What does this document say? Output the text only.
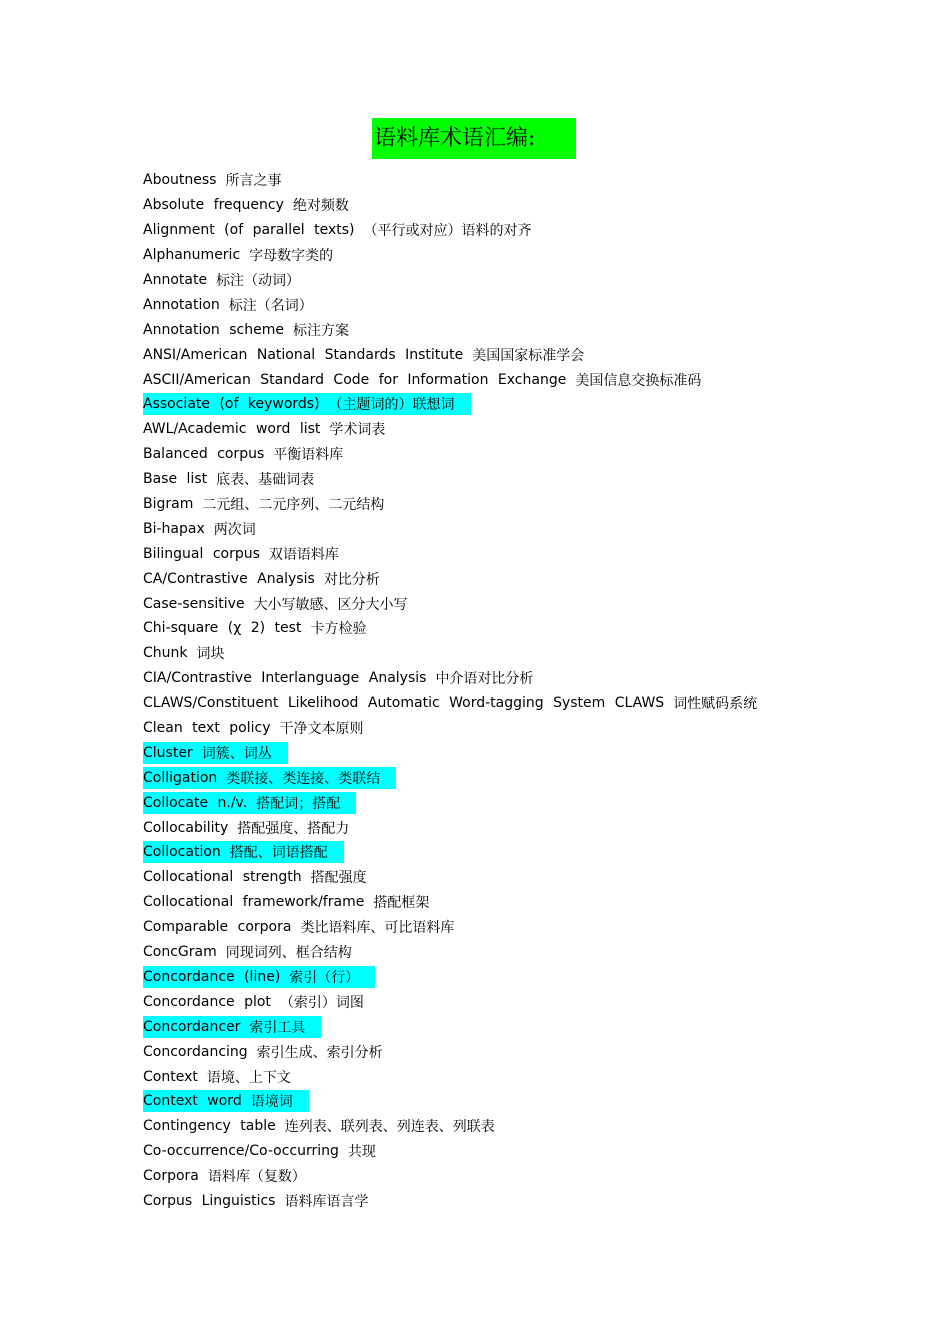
语料库术语汇编:
Aboutness 所言之事
Absolute frequency 绝对频数
Alignment (of parallel texts) （平行或对应）语料的对齐
Alphanumeric 字母数字类的
Annotate 标注（动词）
Annotation 标注（名词）
Annotation scheme 标注方案
ANSI/American National Standards Institute 美国国家标准学会
ASCII/American Standard Code for Information Exchange 美国信息交换标准码
Associate (of keywords) （主题词的）联想词
AWL/Academic word list 学术词表
Balanced corpus 平衡语料库
Base list 底表、基础词表
Bigram 二元组、二元序列、二元结构
Bi-hapax 两次词
Bilingual corpus 双语语料库
CA/Contrastive Analysis 对比分析
Case-sensitive 大小写敏感、区分大小写
Chi-square (χ 2) test 卡方检验
Chunk 词块
CIA/Contrastive Interlanguage Analysis 中介语对比分析
CLAWS/Constituent Likelihood Automatic Word-tagging System CLAWS 词性赋码系统
Clean text policy 干净文本原则
Cluster 词簇、词丛
Colligation 类联接、类连接、类联结
Collocate n./v. 搭配词；搭配
Collocability 搭配强度、搭配力
Collocation 搭配、词语搭配
Collocational strength 搭配强度
Collocational framework/frame 搭配框架
Comparable corpora 类比语料库、可比语料库
ConcGram 同现词列、框合结构
Concordance (line) 索引（行）
Concordance plot （索引）词图
Concordancer 索引工具
Concordancing 索引生成、索引分析
Context 语境、上下文
Context word 语境词
Contingency table 连列表、联列表、列连表、列联表
Co-occurrence/Co-occurring 共现
Corpora 语料库（复数）
Corpus Linguistics 语料库语言学
